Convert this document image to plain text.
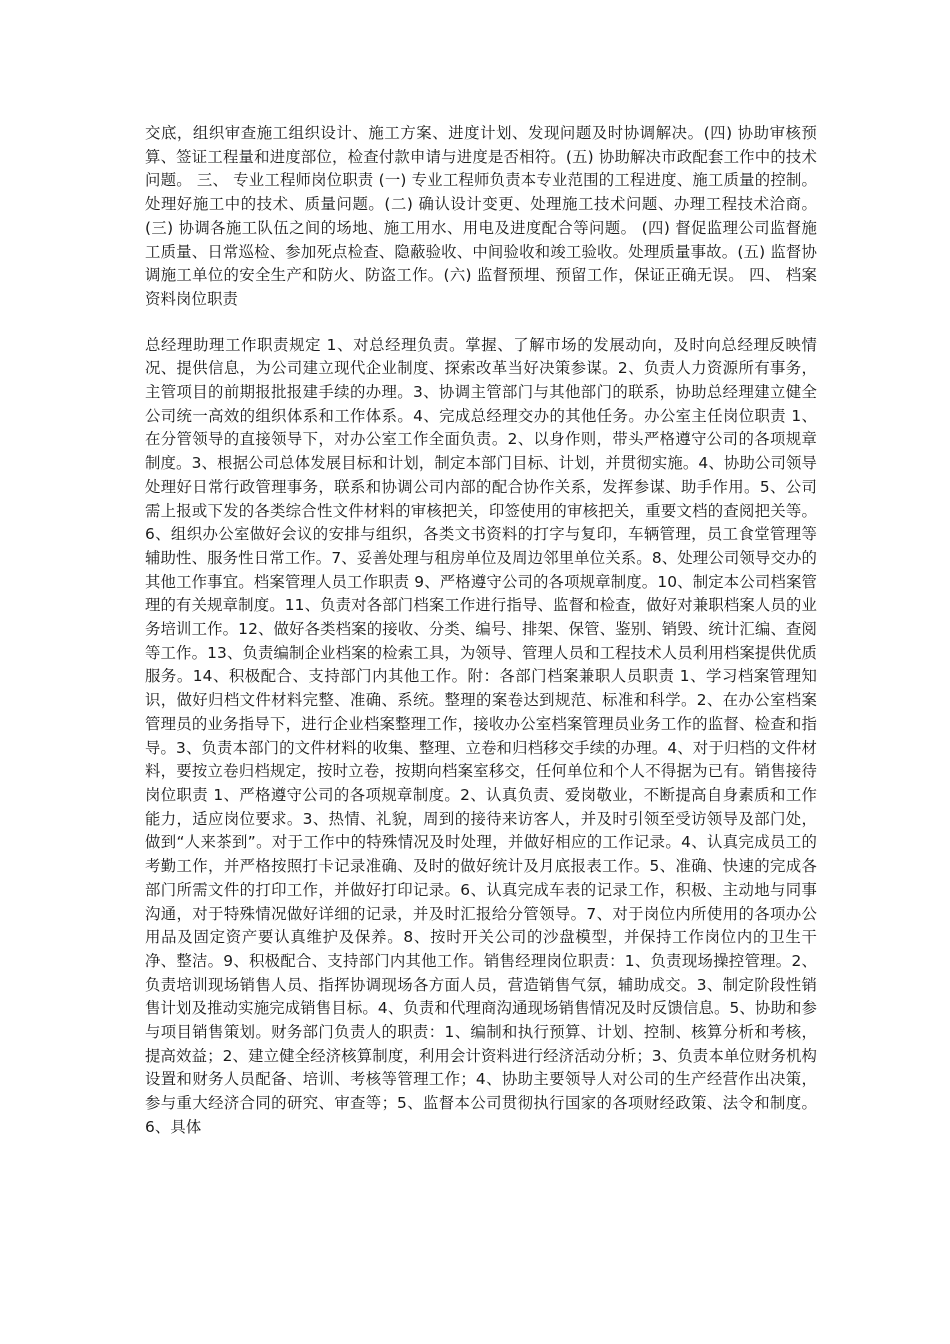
交底，组织审查施工组织设计、施工方案、进度计划、发现问题及时协调解决。(四) 协助审核预算、签证工程量和进度部位，检查付款申请与进度是否相符。(五) 协助解决市政配套工作中的技术问题。 三、 专业工程师岗位职责 (一) 专业工程师负责本专业范围的工程进度、施工质量的控制。处理好施工中的技术、质量问题。(二) 确认设计变更、处理施工技术问题、办理工程技术洽商。 (三) 协调各施工队伍之间的场地、施工用水、用电及进度配合等问题。 (四) 督促监理公司监督施工质量、日常巡检、参加死点检查、隐蔽验收、中间验收和竣工验收。处理质量事故。(五) 监督协调施工单位的安全生产和防火、防盗工作。(六) 监督预埋、预留工作，保证正确无误。 四、 档案资料岗位职责

总经理助理工作职责规定 1、对总经理负责。掌握、了解市场的发展动向，及时向总经理反映情况、提供信息，为公司建立现代企业制度、探索改革当好决策参谋。2、负责人力资源所有事务，主管项目的前期报批报建手续的办理。3、协调主管部门与其他部门的联系，协助总经理建立健全公司统一高效的组织体系和工作体系。4、完成总经理交办的其他任务。办公室主任岗位职责 1、在分管领导的直接领导下，对办公室工作全面负责。2、以身作则，带头严格遵守公司的各项规章制度。3、根据公司总体发展目标和计划，制定本部门目标、计划，并贯彻实施。4、协助公司领导处理好日常行政管理事务，联系和协调公司内部的配合协作关系，发挥参谋、助手作用。5、公司需上报或下发的各类综合性文件材料的审核把关，印签使用的审核把关，重要文档的查阅把关等。6、组织办公室做好会议的安排与组织，各类文书资料的打字与复印，车辆管理，员工食堂管理等辅助性、服务性日常工作。7、妥善处理与租房单位及周边邻里单位关系。8、处理公司领导交办的其他工作事宜。档案管理人员工作职责 9、严格遵守公司的各项规章制度。10、制定本公司档案管理的有关规章制度。11、负责对各部门档案工作进行指导、监督和检查，做好对兼职档案人员的业务培训工作。12、做好各类档案的接收、分类、编号、排架、保管、鉴别、销毁、统计汇编、查阅等工作。13、负责编制企业档案的检索工具，为领导、管理人员和工程技术人员利用档案提供优质服务。14、积极配合、支持部门内其他工作。附：各部门档案兼职人员职责 1、学习档案管理知识，做好归档文件材料完整、准确、系统。整理的案卷达到规范、标准和科学。2、在办公室档案管理员的业务指导下，进行企业档案整理工作，接收办公室档案管理员业务工作的监督、检查和指导。3、负责本部门的文件材料的收集、整理、立卷和归档移交手续的办理。4、对于归档的文件材料，要按立卷归档规定，按时立卷，按期向档案室移交，任何单位和个人不得据为已有。销售接待岗位职责 1、严格遵守公司的各项规章制度。2、认真负责、爱岗敬业，不断提高自身素质和工作能力，适应岗位要求。3、热情、礼貌，周到的接待来访客人，并及时引领至受访领导及部门处，做到“人来茶到”。对于工作中的特殊情况及时处理，并做好相应的工作记录。4、认真完成员工的考勤工作，并严格按照打卡记录准确、及时的做好统计及月底报表工作。5、准确、快速的完成各部门所需文件的打印工作，并做好打印记录。6、认真完成车表的记录工作，积极、主动地与同事沟通，对于特殊情况做好详细的记录，并及时汇报给分管领导。7、对于岗位内所使用的各项办公用品及固定资产要认真维护及保养。8、按时开关公司的沙盘模型，并保持工作岗位内的卫生干净、整洁。9、积极配合、支持部门内其他工作。销售经理岗位职责：1、负责现场操控管理。2、负责培训现场销售人员、指挥协调现场各方面人员，营造销售气氛，辅助成交。3、制定阶段性销售计划及推动实施完成销售目标。4、负责和代理商沟通现场销售情况及时反馈信息。5、协助和参与项目销售策划。财务部门负责人的职责：1、编制和执行预算、计划、控制、核算分析和考核，提高效益；2、建立健全经济核算制度，利用会计资料进行经济活动分析；3、负责本单位财务机构设置和财务人员配备、培训、考核等管理工作；4、协助主要领导人对公司的生产经营作出决策，参与重大经济合同的研究、审查等；5、监督本公司贯彻执行国家的各项财经政策、法令和制度。6、具体
